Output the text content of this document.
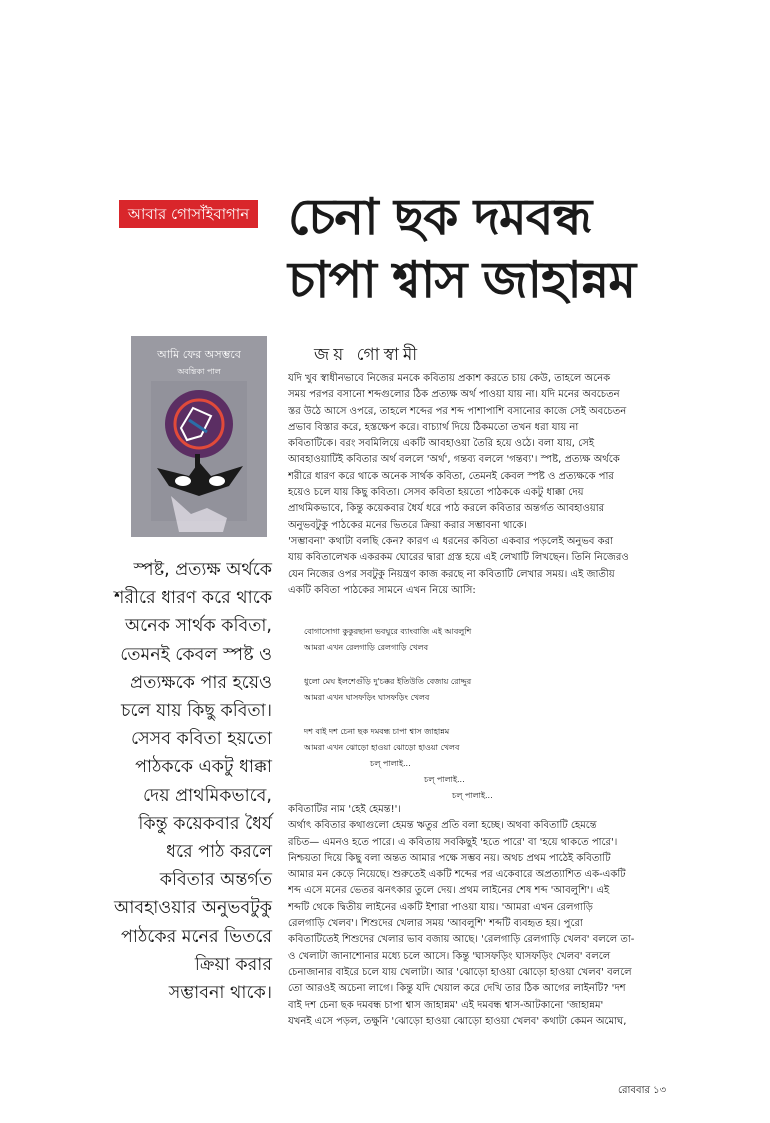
আবার গোসাঁইবাগান চেনা ছক দমবন্ধ
চাপা শ্বাস জাহান্নম
জয় গোস্বামী
আমি ফের অসম্ভবে
অবন্তিকা পাল
স্পষ্ট, প্রত্যক্ষ অর্থকে
শরীরে ধারণ করে থাকে
অনেক সার্থক কবিতা,
তেমনই কেবল স্পষ্ট ও
প্রত্যক্ষকে পার হয়েও
চলে যায় কিছু কবিতা।
সেসব কবিতা হয়তো
পাঠককে একটু ধাক্কা
দেয় প্রাথমিকভাবে,
কিন্তু কয়েকবার ধৈর্য
ধরে পাঠ করলে
কবিতার অন্তর্গত
আবহাওয়ার অনুভবটুকু
পাঠকের মনের ভিতরে
ক্রিয়া করার
সম্ভাবনা থাকে।
যদি খুব স্বাধীনভাবে নিজের মনকে কবিতায় প্রকাশ করতে চায় কেউ, তাহলে অনেক
সময় পরপর বসানো শব্দগুলোর ঠিক প্রত্যক্ষ অর্থ পাওয়া যায় না। যদি মনের অবচেতন
স্তর উঠে আসে ওপরে, তাহলে শব্দের পর শব্দ পাশাপাশি বসানোর কাজে সেই অবচেতন
প্রভাব বিস্তার করে, হস্তক্ষেপ করে। বাচ্যার্থ দিয়ে ঠিকমতো তখন ধরা যায় না
কবিতাটিকে। বরং সবমিলিয়ে একটি আবহাওয়া তৈরি হয়ে ওঠে। বলা যায়, সেই
আবহাওয়াটিই কবিতার অর্থ বললে 'অর্থ', গন্তব্য বললে 'গন্তব্য'। স্পষ্ট, প্রত্যক্ষ অর্থকে
শরীরে ধারণ করে থাকে অনেক সার্থক কবিতা, তেমনই কেবল স্পষ্ট ও প্রত্যক্ষকে পার
হয়েও চলে যায় কিছু কবিতা। সেসব কবিতা হয়তো পাঠককে একটু ধাক্কা দেয়
প্রাথমিকভাবে, কিন্তু কয়েকবার ধৈর্য ধরে পাঠ করলে কবিতার অন্তর্গত আবহাওয়ার
অনুভবটুকু পাঠকের মনের ভিতরে ক্রিয়া করার সম্ভাবনা থাকে।
'সম্ভাবনা' কথাটা বলছি কেন? কারণ এ ধরনের কবিতা একবার পড়লেই অনুভব করা
যায় কবিতালেখক একরকম ঘোরের দ্বারা গ্রস্ত হয়ে এই লেখাটি লিখছেন। তিনি নিজেরও
যেন নিজের ওপর সবটুকু নিয়ন্ত্রণ কাজ করছে না কবিতাটি লেখার সময়। এই জাতীয়
একটি কবিতা পাঠকের সামনে এখন নিয়ে আসি:
বোগাসোগা কুকুরছানা ভবঘুরে ব্যাংবাজি এই আবলুশি
আমরা এখন রেলগাড়ি রেলগাড়ি খেলব
ধুলো মেঘ ইলশেগুঁড়ি দু'চক্কর ইতিউতি বেজায় রোদ্দুর
আমরা এখন ঘাসফড়িং ঘাসফড়িং খেলব
দশ বাই দশ চেনা ছক দমবন্ধ চাপা শ্বাস জাহান্নম
আমরা এখন ঝোড়ো হাওয়া ঝোড়ো হাওয়া খেলব
চল্ পালাই...
চল্ পালাই...
চল্ পালাই...
কবিতাটির নাম 'হেই হেমন্ত!'।
অর্থাৎ কবিতার কথাগুলো হেমন্ত ঋতুর প্রতি বলা হচ্ছে। অথবা কবিতাটি হেমন্তে
রচিত— এমনও হতে পারে। এ কবিতায় সবকিছুই 'হতে পারে' বা 'হয়ে থাকতে পারে'।
নিশ্চয়তা দিয়ে কিছু বলা অন্তত আমার পক্ষে সম্ভব নয়। অথচ প্রথম পাঠেই কবিতাটি
আমার মন কেড়ে নিয়েছে। শুরুতেই একটি শব্দের পর একেবারে অপ্রত্যাশিত এক-একটি
শব্দ এসে মনের ভেতর ঝনৎকার তুলে দেয়। প্রথম লাইনের শেষ শব্দ 'আবলুশি'। এই
শব্দটি থেকে দ্বিতীয় লাইনের একটি ইশারা পাওয়া যায়। 'আমরা এখন রেলগাড়ি
রেলগাড়ি খেলব'। শিশুদের খেলার সময় 'আবলুশি' শব্দটি ব্যবহৃত হয়। পুরো
কবিতাটিতেই শিশুদের খেলার ভাব বজায় আছে। 'রেলগাড়ি রেলগাড়ি খেলব' বললে তা-
ও খেলাটা জানাশোনার মধ্যে চলে আসে। কিন্তু 'ঘাসফড়িং ঘাসফড়িং খেলব' বললে
চেনাজানার বাইরে চলে যায় খেলাটা। আর 'ঝোড়ো হাওয়া ঝোড়ো হাওয়া খেলব' বললে
তো আরওই অচেনা লাগে। কিন্তু যদি খেয়াল করে দেখি তার ঠিক আগের লাইনটি? 'দশ
বাই দশ চেনা ছক দমবন্ধ চাপা শ্বাস জাহান্নম' এই দমবন্ধ শ্বাস-আটকানো 'জাহান্নম'
যখনই এসে পড়ল, তক্ষুনি 'ঝোড়ো হাওয়া ঝোড়ো হাওয়া খেলব' কথাটা কেমন অমোঘ,
রোববার ১৩
